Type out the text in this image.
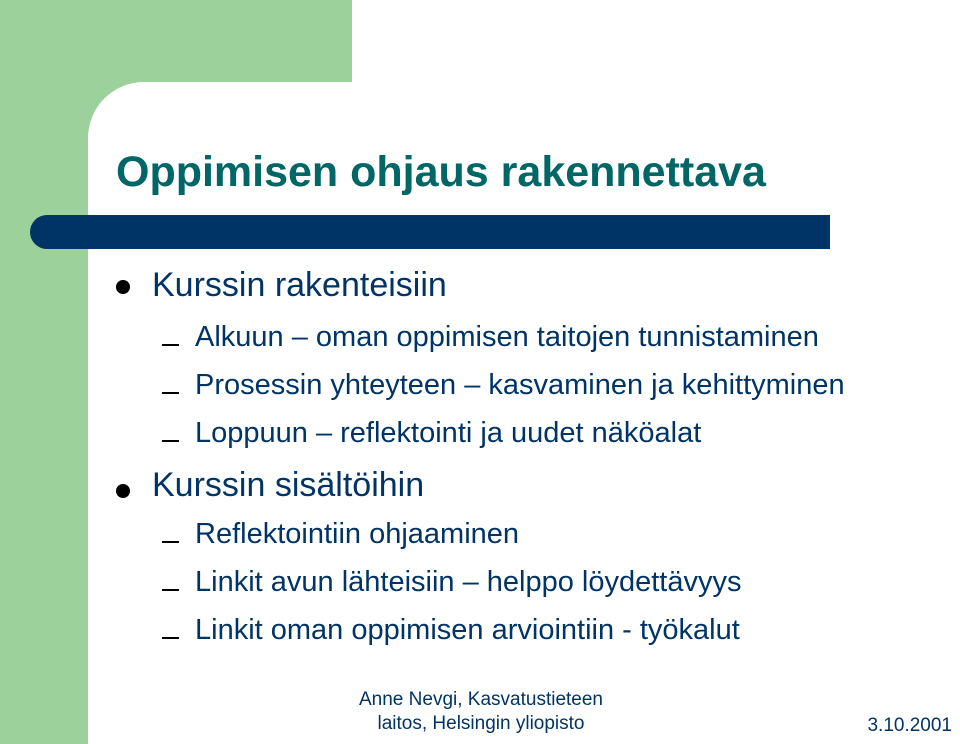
Oppimisen ohjaus rakennettava
Kurssin rakenteisiin
Alkuun – oman oppimisen taitojen tunnistaminen
Prosessin yhteyteen – kasvaminen ja kehittyminen
Loppuun – reflektointi ja uudet näköalat
Kurssin sisältöihin
Reflektointiin ohjaaminen
Linkit avun lähteisiin – helppo löydettävyys
Linkit oman oppimisen arviointiin - työkalut
Anne Nevgi, Kasvatustieteen
laitos, Helsingin yliopisto	3.10.2001
